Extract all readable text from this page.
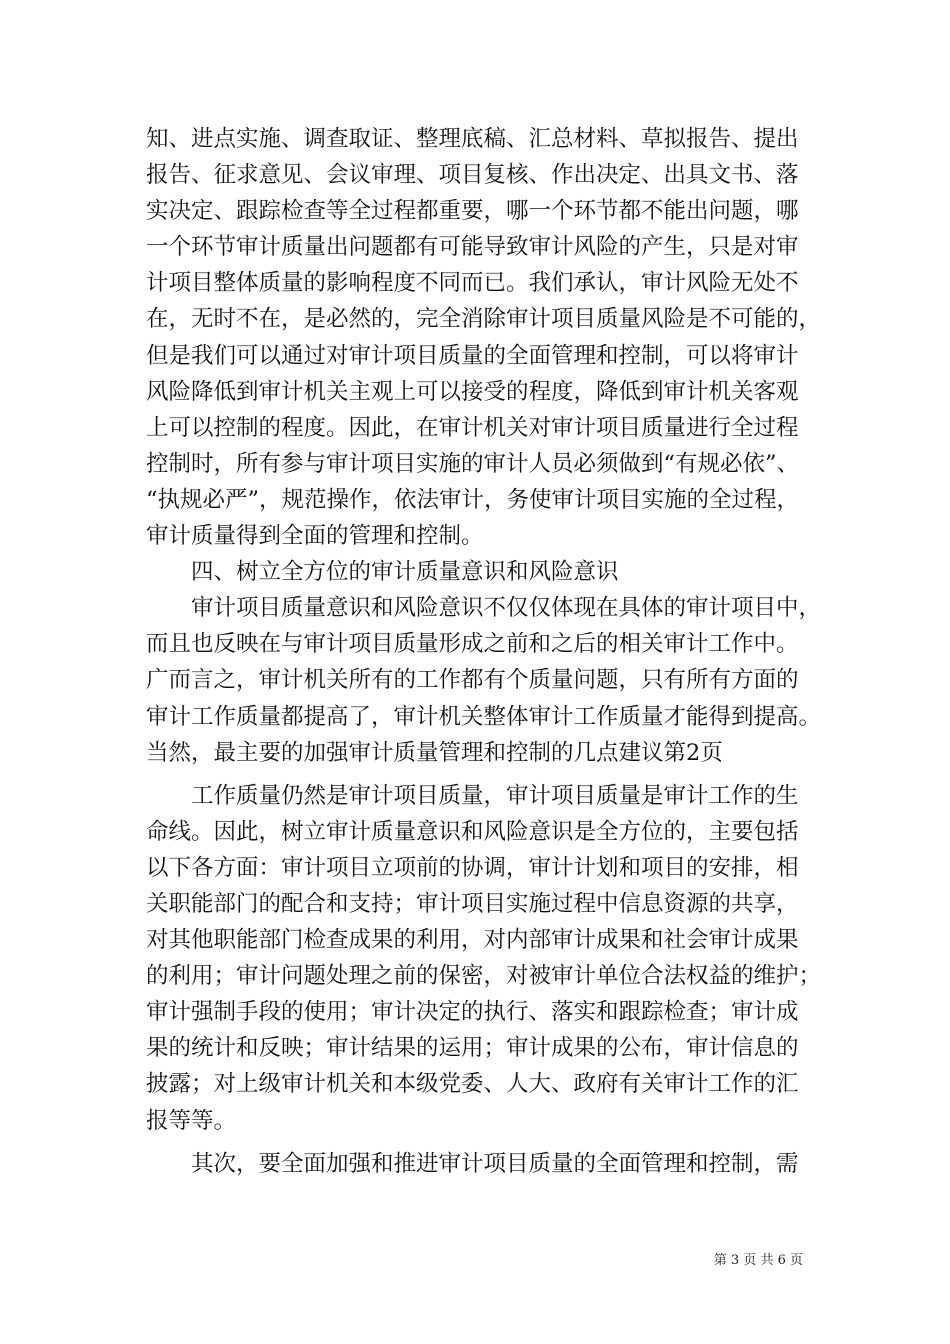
知、进点实施、调查取证、整理底稿、汇总材料、草拟报告、提出
报告、征求意见、会议审理、项目复核、作出决定、出具文书、落
实决定、跟踪检查等全过程都重要，哪一个环节都不能出问题，哪
一个环节审计质量出问题都有可能导致审计风险的产生，只是对审
计项目整体质量的影响程度不同而已。我们承认，审计风险无处不
在，无时不在，是必然的，完全消除审计项目质量风险是不可能的，
但是我们可以通过对审计项目质量的全面管理和控制，可以将审计
风险降低到审计机关主观上可以接受的程度，降低到审计机关客观
上可以控制的程度。因此，在审计机关对审计项目质量进行全过程
控制时，所有参与审计项目实施的审计人员必须做到“有规必依”、
“执规必严”，规范操作，依法审计，务使审计项目实施的全过程，
审计质量得到全面的管理和控制。
四、树立全方位的审计质量意识和风险意识
审计项目质量意识和风险意识不仅仅体现在具体的审计项目中，
而且也反映在与审计项目质量形成之前和之后的相关审计工作中。
广而言之，审计机关所有的工作都有个质量问题，只有所有方面的
审计工作质量都提高了，审计机关整体审计工作质量才能得到提高。
当然，最主要的加强审计质量管理和控制的几点建议第2页
工作质量仍然是审计项目质量，审计项目质量是审计工作的生
命线。因此，树立审计质量意识和风险意识是全方位的，主要包括
以下各方面：审计项目立项前的协调，审计计划和项目的安排，相
关职能部门的配合和支持；审计项目实施过程中信息资源的共享，
对其他职能部门检查成果的利用，对内部审计成果和社会审计成果
的利用；审计问题处理之前的保密，对被审计单位合法权益的维护；
审计强制手段的使用；审计决定的执行、落实和跟踪检查；审计成
果的统计和反映；审计结果的运用；审计成果的公布，审计信息的
披露；对上级审计机关和本级党委、人大、政府有关审计工作的汇
报等等。
其次，要全面加强和推进审计项目质量的全面管理和控制，需
第 3 页 共 6 页
